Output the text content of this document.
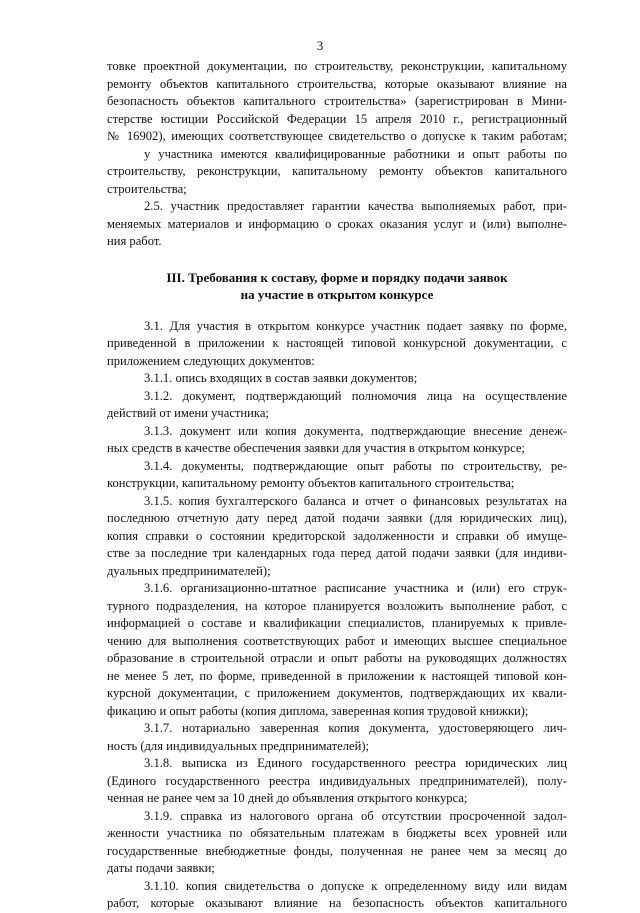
3
товке проектной документации, по строительству, реконструкции, капитальному
ремонту объектов капитального строительства, которые оказывают влияние на
безопасность объектов капитального строительства» (зарегистрирован в Мини-
стерстве юстиции Российской Федерации 15 апреля 2010 г., регистрационный
№ 16902), имеющих соответствующее свидетельство о допуске к таким работам;
у участника имеются квалифицированные работники и опыт работы по
строительству, реконструкции, капитальному ремонту объектов капитального
строительства;
2.5. участник предоставляет гарантии качества выполняемых работ, при-
меняемых материалов и информацию о сроках оказания услуг и (или) выполне-
ния работ.
III. Требования к составу, форме и порядку подачи заявок
на участие в открытом конкурсе
3.1. Для участия в открытом конкурсе участник подает заявку по форме,
приведенной в приложении к настоящей типовой конкурсной документации, с
приложением следующих документов:
3.1.1. опись входящих в состав заявки документов;
3.1.2. документ, подтверждающий полномочия лица на осуществление
действий от имени участника;
3.1.3. документ или копия документа, подтверждающие внесение денеж-
ных средств в качестве обеспечения заявки для участия в открытом конкурсе;
3.1.4. документы, подтверждающие опыт работы по строительству, ре-
конструкции, капитальному ремонту объектов капитального строительства;
3.1.5. копия бухгалтерского баланса и отчет о финансовых результатах на
последнюю отчетную дату перед датой подачи заявки (для юридических лиц),
копия справки о состоянии кредиторской задолженности и справки об имуще-
стве за последние три календарных года перед датой подачи заявки (для индиви-
дуальных предпринимателей);
3.1.6. организационно-штатное расписание участника и (или) его струк-
турного подразделения, на которое планируется возложить выполнение работ, с
информацией о составе и квалификации специалистов, планируемых к привле-
чению для выполнения соответствующих работ и имеющих высшее специальное
образование в строительной отрасли и опыт работы на руководящих должностях
не менее 5 лет, по форме, приведенной в приложении к настоящей типовой кон-
курсной документации, с приложением документов, подтверждающих их квали-
фикацию и опыт работы (копия диплома, заверенная копия трудовой книжки);
3.1.7. нотариально заверенная копия документа, удостоверяющего лич-
ность (для индивидуальных предпринимателей);
3.1.8. выписка из Единого государственного реестра юридических лиц
(Единого государственного реестра индивидуальных предпринимателей), полу-
ченная не ранее чем за 10 дней до объявления открытого конкурса;
3.1.9. справка из налогового органа об отсутствии просроченной задол-
женности участника по обязательным платежам в бюджеты всех уровней или
государственные внебюджетные фонды, полученная не ранее чем за месяц до
даты подачи заявки;
3.1.10. копия свидетельства о допуске к определенному виду или видам
работ, которые оказывают влияние на безопасность объектов капитального
